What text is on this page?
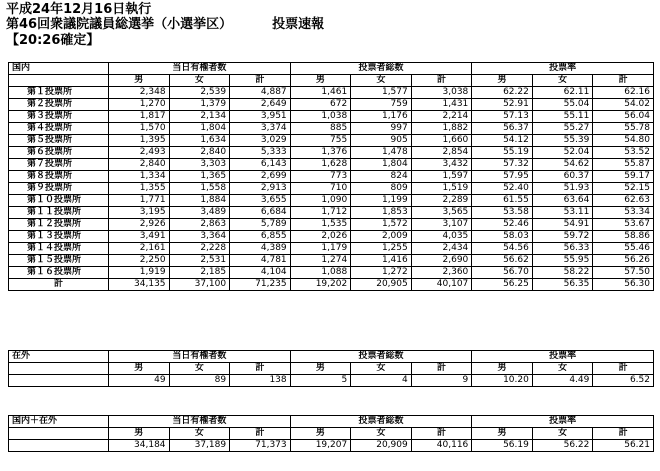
平成24年12月16日執行
第46回衆議院議員総選挙（小選挙区）	投票速報
【20:26確定】
国内	当日有権者数			投票者総数			投票率		
	男	女	計	男	女	計	男	女	計
第１投票所	2,348	2,539	4,887	1,461	1,577	3,038	62.22	62.11	62.16
第２投票所	1,270	1,379	2,649	672	759	1,431	52.91	55.04	54.02
第３投票所	1,817	2,134	3,951	1,038	1,176	2,214	57.13	55.11	56.04
第４投票所	1,570	1,804	3,374	885	997	1,882	56.37	55.27	55.78
第５投票所	1,395	1,634	3,029	755	905	1,660	54.12	55.39	54.80
第６投票所	2,493	2,840	5,333	1,376	1,478	2,854	55.19	52.04	53.52
第７投票所	2,840	3,303	6,143	1,628	1,804	3,432	57.32	54.62	55.87
第８投票所	1,334	1,365	2,699	773	824	1,597	57.95	60.37	59.17
第９投票所	1,355	1,558	2,913	710	809	1,519	52.40	51.93	52.15
第１０投票所	1,771	1,884	3,655	1,090	1,199	2,289	61.55	63.64	62.63
第１１投票所	3,195	3,489	6,684	1,712	1,853	3,565	53.58	53.11	53.34
第１２投票所	2,926	2,863	5,789	1,535	1,572	3,107	52.46	54.91	53.67
第１３投票所	3,491	3,364	6,855	2,026	2,009	4,035	58.03	59.72	58.86
第１４投票所	2,161	2,228	4,389	1,179	1,255	2,434	54.56	56.33	55.46
第１５投票所	2,250	2,531	4,781	1,274	1,416	2,690	56.62	55.95	56.26
第１６投票所	1,919	2,185	4,104	1,088	1,272	2,360	56.70	58.22	57.50
計	34,135	37,100	71,235	19,202	20,905	40,107	56.25	56.35	56.30
在外	当日有権者数			投票者総数			投票率		
	男	女	計	男	女	計	男	女	計
	49	89	138	5	4	9	10.20	4.49	6.52
国内＋在外	当日有権者数			投票者総数			投票率		
	男	女	計	男	女	計	男	女	計
	34,184	37,189	71,373	19,207	20,909	40,116	56.19	56.22	56.21
